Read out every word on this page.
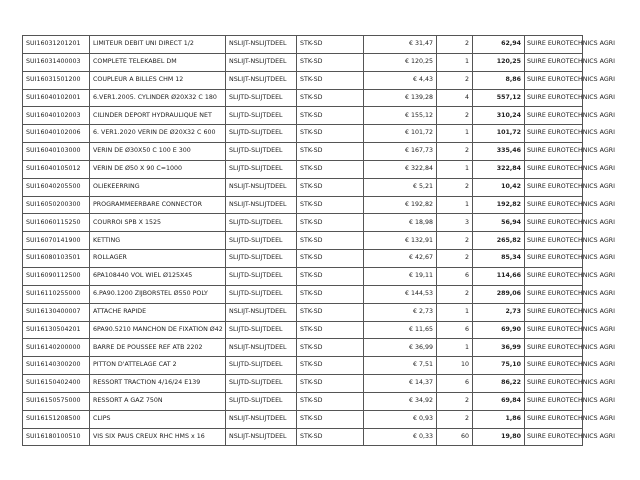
SUI16031201201	LIMITEUR DEBIT UNI DIRECT 1/2	NSLIJT-NSLIJTDEEL	STK-SD	€ 31,47	2	62,94	SUIRE EUROTECHNICS AGRI
SUI16031400003	COMPLETE TELEKABEL DM	NSLIJT-NSLIJTDEEL	STK-SD	€ 120,25	1	120,25	SUIRE EUROTECHNICS AGRI
SUI16031501200	COUPLEUR A BILLES CHM 12	NSLIJT-NSLIJTDEEL	STK-SD	€ 4,43	2	8,86	SUIRE EUROTECHNICS AGRI
SUI16040102001	6.VER1.2005. CYLINDER Ø20X32 C 180	SLIJTD-SLIJTDEEL	STK-SD	€ 139,28	4	557,12	SUIRE EUROTECHNICS AGRI
SUI16040102003	CILINDER DEPORT HYDRAULIQUE NET	SLIJTD-SLIJTDEEL	STK-SD	€ 155,12	2	310,24	SUIRE EUROTECHNICS AGRI
SUI16040102006	6. VER1.2020 VERIN DE Ø20X32 C 600	SLIJTD-SLIJTDEEL	STK-SD	€ 101,72	1	101,72	SUIRE EUROTECHNICS AGRI
SUI16040103000	VERIN DE Ø30X50 C 100 E 300	SLIJTD-SLIJTDEEL	STK-SD	€ 167,73	2	335,46	SUIRE EUROTECHNICS AGRI
SUI16040105012	VERIN DE Ø50 X 90 C=1000	SLIJTD-SLIJTDEEL	STK-SD	€ 322,84	1	322,84	SUIRE EUROTECHNICS AGRI
SUI16040205500	OLIEKEERRING	NSLIJT-NSLIJTDEEL	STK-SD	€ 5,21	2	10,42	SUIRE EUROTECHNICS AGRI
SUI16050200300	PROGRAMMEERBARE CONNECTOR	NSLIJT-NSLIJTDEEL	STK-SD	€ 192,82	1	192,82	SUIRE EUROTECHNICS AGRI
SUI16060115250	COURROI SPB X 1525	SLIJTD-SLIJTDEEL	STK-SD	€ 18,98	3	56,94	SUIRE EUROTECHNICS AGRI
SUI16070141900	KETTING	SLIJTD-SLIJTDEEL	STK-SD	€ 132,91	2	265,82	SUIRE EUROTECHNICS AGRI
SUI16080103501	ROLLAGER	SLIJTD-SLIJTDEEL	STK-SD	€ 42,67	2	85,34	SUIRE EUROTECHNICS AGRI
SUI16090112500	6PA108440 VOL WIEL Ø125X45	SLIJTD-SLIJTDEEL	STK-SD	€ 19,11	6	114,66	SUIRE EUROTECHNICS AGRI
SUI16110255000	6.PA90.1200 ZIJBORSTEL Ø550 POLY	SLIJTD-SLIJTDEEL	STK-SD	€ 144,53	2	289,06	SUIRE EUROTECHNICS AGRI
SUI16130400007	ATTACHE RAPIDE	NSLIJT-NSLIJTDEEL	STK-SD	€ 2,73	1	2,73	SUIRE EUROTECHNICS AGRI
SUI16130504201	6PA90.5210 MANCHON DE FIXATION Ø42	SLIJTD-SLIJTDEEL	STK-SD	€ 11,65	6	69,90	SUIRE EUROTECHNICS AGRI
SUI16140200000	BARRE DE POUSSEE REF ATB 2202	NSLIJT-NSLIJTDEEL	STK-SD	€ 36,99	1	36,99	SUIRE EUROTECHNICS AGRI
SUI16140300200	PITTON D'ATTELAGE CAT 2	SLIJTD-SLIJTDEEL	STK-SD	€ 7,51	10	75,10	SUIRE EUROTECHNICS AGRI
SUI16150402400	RESSORT TRACTION 4/16/24 E139	SLIJTD-SLIJTDEEL	STK-SD	€ 14,37	6	86,22	SUIRE EUROTECHNICS AGRI
SUI16150575000	RESSORT A GAZ 750N	SLIJTD-SLIJTDEEL	STK-SD	€ 34,92	2	69,84	SUIRE EUROTECHNICS AGRI
SUI16151208500	CLIPS	NSLIJT-NSLIJTDEEL	STK-SD	€ 0,93	2	1,86	SUIRE EUROTECHNICS AGRI
SUI16180100510	VIS SIX PAUS CREUX RHC HMS x 16	NSLIJT-NSLIJTDEEL	STK-SD	€ 0,33	60	19,80	SUIRE EUROTECHNICS AGRI
